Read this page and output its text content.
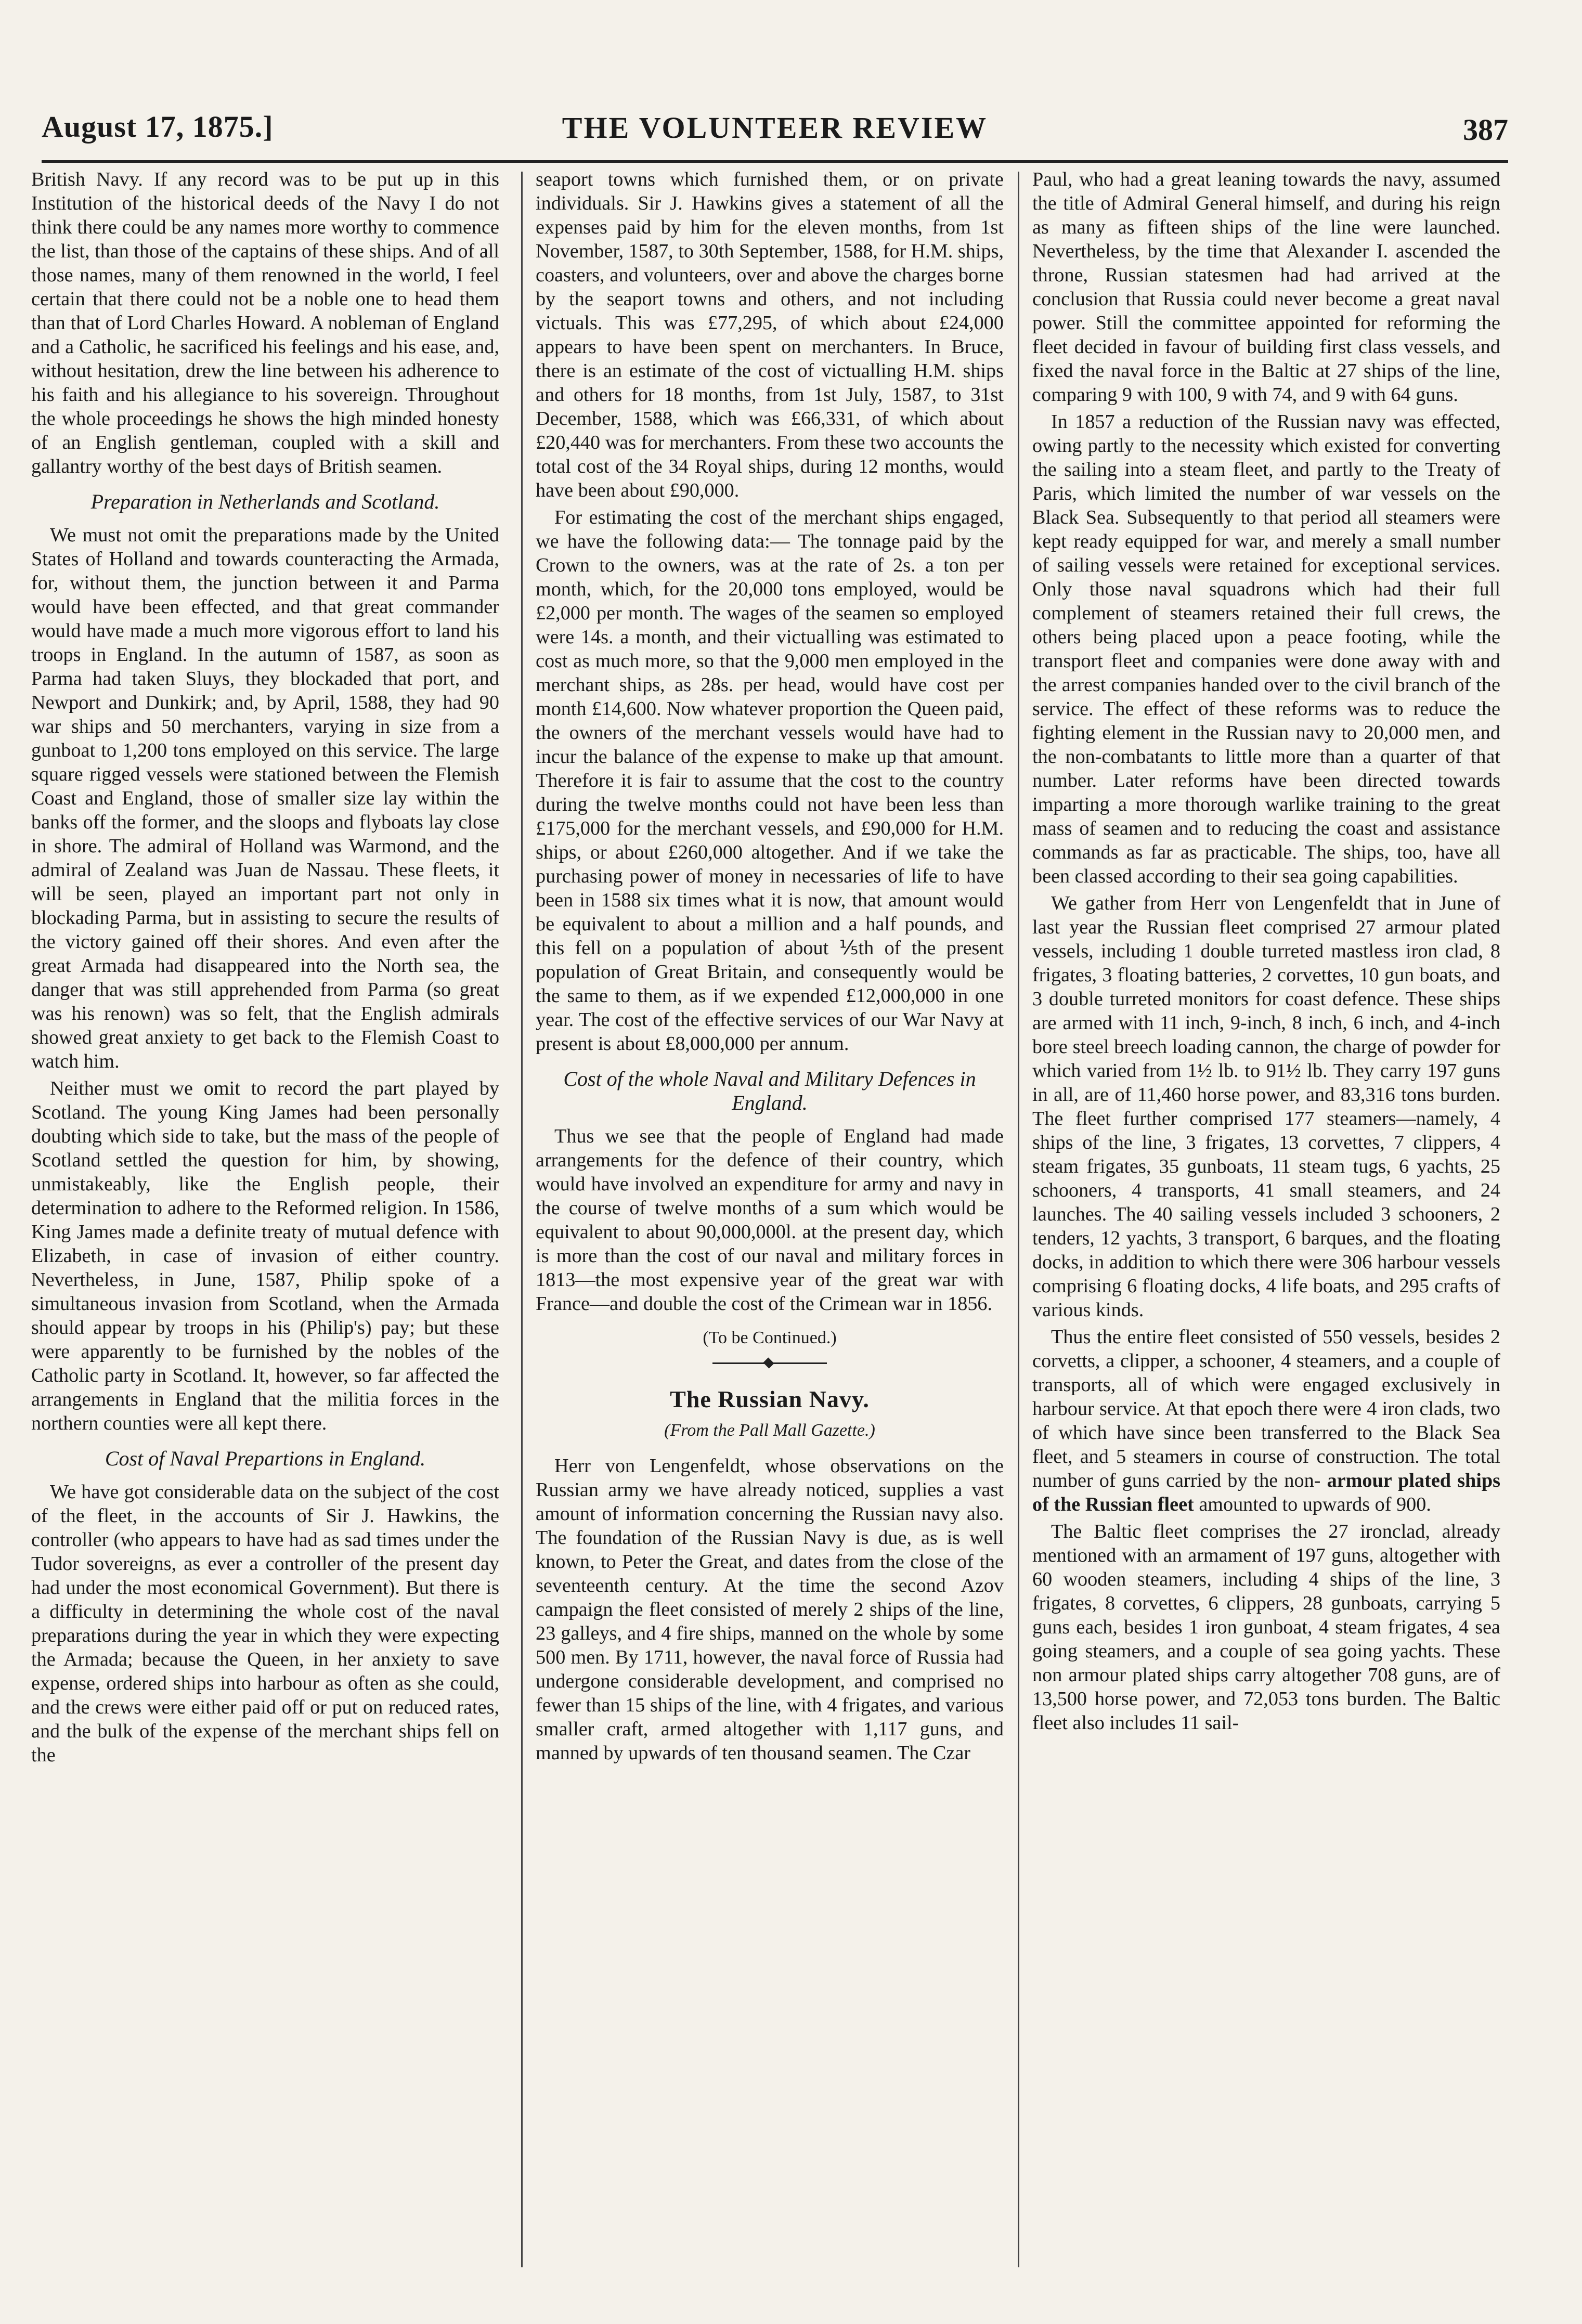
August 17, 1875.]	THE VOLUNTEER REVIEW	387

British Navy. If any record was to be put up in this Institution of the historical deeds of the Navy I do not think there could be any names more worthy to commence the list, than those of the captains of these ships. And of all those names, many of them renowned in the world, I feel certain that there could not be a noble one to head them than that of Lord Charles Howard. A nobleman of England and a Catholic, he sacrificed his feelings and his ease, and, without hesitation, drew the line between his adherence to his faith and his allegiance to his sovereign. Throughout the whole proceedings he shows the high minded honesty of an English gentleman, coupled with a skill and gallantry worthy of the best days of British seamen.

Preparation in Netherlands and Scotland.

We must not omit the preparations made by the United States of Holland and towards counteracting the Armada, for, without them, the junction between it and Parma would have been effected, and that great commander would have made a much more vigorous effort to land his troops in England. In the autumn of 1587, as soon as Parma had taken Sluys, they blockaded that port, and Newport and Dunkirk; and, by April, 1588, they had 90 war ships and 50 merchanters, varying in size from a gunboat to 1,200 tons employed on this service. The large square rigged vessels were stationed between the Flemish Coast and England, those of smaller size lay within the banks off the former, and the sloops and flyboats lay close in shore. The admiral of Holland was Warmond, and the admiral of Zealand was Juan de Nassau. These fleets, it will be seen, played an important part not only in blockading Parma, but in assisting to secure the results of the victory gained off their shores. And even after the great Armada had disappeared into the North sea, the danger that was still apprehended from Parma (so great was his renown) was so felt, that the English admirals showed great anxiety to get back to the Flemish Coast to watch him.

Neither must we omit to record the part played by Scotland. The young King James had been personally doubting which side to take, but the mass of the people of Scotland settled the question for him, by showing, unmistakeably, like the English people, their determination to adhere to the Reformed religion. In 1586, King James made a definite treaty of mutual defence with Elizabeth, in case of invasion of either country. Nevertheless, in June, 1587, Philip spoke of a simultaneous invasion from Scotland, when the Armada should appear by troops in his (Philip's) pay; but these were apparently to be furnished by the nobles of the Catholic party in Scotland. It, however, so far affected the arrangements in England that the militia forces in the northern counties were all kept there.

Cost of Naval Prepartions in England.

We have got considerable data on the subject of the cost of the fleet, in the accounts of Sir J. Hawkins, the controller (who appears to have had as sad times under the Tudor sovereigns, as ever a controller of the present day had under the most economical Government). But there is a difficulty in determining the whole cost of the naval preparations during the year in which they were expecting the Armada; because the Queen, in her anxiety to save expense, ordered ships into harbour as often as she could, and the crews were either paid off or put on reduced rates, and the bulk of the expense of the merchant ships fell on the

seaport towns which furnished them, or on private individuals. Sir J. Hawkins gives a statement of all the expenses paid by him for the eleven months, from 1st November, 1587, to 30th September, 1588, for H.M. ships, coasters, and volunteers, over and above the charges borne by the seaport towns and others, and not including victuals. This was £77,295, of which about £24,000 appears to have been spent on merchanters. In Bruce, there is an estimate of the cost of victualling H.M. ships and others for 18 months, from 1st July, 1587, to 31st December, 1588, which was £66,331, of which about £20,440 was for merchanters. From these two accounts the total cost of the 34 Royal ships, during 12 months, would have been about £90,000.

For estimating the cost of the merchant ships engaged, we have the following data:— The tonnage paid by the Crown to the owners, was at the rate of 2s. a ton per month, which, for the 20,000 tons employed, would be £2,000 per month. The wages of the seamen so employed were 14s. a month, and their victualling was estimated to cost as much more, so that the 9,000 men employed in the merchant ships, as 28s. per head, would have cost per month £14,600. Now whatever proportion the Queen paid, the owners of the merchant vessels would have had to incur the balance of the expense to make up that amount. Therefore it is fair to assume that the cost to the country during the twelve months could not have been less than £175,000 for the merchant vessels, and £90,000 for H.M. ships, or about £260,000 altogether. And if we take the purchasing power of money in necessaries of life to have been in 1588 six times what it is now, that amount would be equivalent to about a million and a half pounds, and this fell on a population of about ⅕th of the present population of Great Britain, and consequently would be the same to them, as if we expended £12,000,000 in one year. The cost of the effective services of our War Navy at present is about £8,000,000 per annum.

Cost of the whole Naval and Military Defences in England.

Thus we see that the people of England had made arrangements for the defence of their country, which would have involved an expenditure for army and navy in the course of twelve months of a sum which would be equivalent to about 90,000,000l. at the present day, which is more than the cost of our naval and military forces in 1813—the most expensive year of the great war with France—and double the cost of the Crimean war in 1856.

(To be Continued.)
The Russian Navy.
(From the Pall Mall Gazette.)

Herr von Lengenfeldt, whose observations on the Russian army we have already noticed, supplies a vast amount of information concerning the Russian navy also. The foundation of the Russian Navy is due, as is well known, to Peter the Great, and dates from the close of the seventeenth century. At the time the second Azov campaign the fleet consisted of merely 2 ships of the line, 23 galleys, and 4 fire ships, manned on the whole by some 500 men. By 1711, however, the naval force of Russia had undergone considerable development, and comprised no fewer than 15 ships of the line, with 4 frigates, and various smaller craft, armed altogether with 1,117 guns, and manned by upwards of ten thousand seamen. The Czar

Paul, who had a great leaning towards the navy, assumed the title of Admiral General himself, and during his reign as many as fifteen ships of the line were launched. Nevertheless, by the time that Alexander I. ascended the throne, Russian statesmen had had arrived at the conclusion that Russia could never become a great naval power. Still the committee appointed for reforming the fleet decided in favour of building first class vessels, and fixed the naval force in the Baltic at 27 ships of the line, comparing 9 with 100, 9 with 74, and 9 with 64 guns.

In 1857 a reduction of the Russian navy was effected, owing partly to the necessity which existed for converting the sailing into a steam fleet, and partly to the Treaty of Paris, which limited the number of war vessels on the Black Sea. Subsequently to that period all steamers were kept ready equipped for war, and merely a small number of sailing vessels were retained for exceptional services. Only those naval squadrons which had their full complement of steamers retained their full crews, the others being placed upon a peace footing, while the transport fleet and companies were done away with and the arrest companies handed over to the civil branch of the service. The effect of these reforms was to reduce the fighting element in the Russian navy to 20,000 men, and the non-combatants to little more than a quarter of that number. Later reforms have been directed towards imparting a more thorough warlike training to the great mass of seamen and to reducing the coast and assistance commands as far as practicable. The ships, too, have all been classed according to their sea going capabilities.

We gather from Herr von Lengenfeldt that in June of last year the Russian fleet comprised 27 armour plated vessels, including 1 double turreted mastless iron clad, 8 frigates, 3 floating batteries, 2 corvettes, 10 gun boats, and 3 double turreted monitors for coast defence. These ships are armed with 11 inch, 9-inch, 8 inch, 6 inch, and 4-inch bore steel breech loading cannon, the charge of powder for which varied from 1½ lb. to 91½ lb. They carry 197 guns in all, are of 11,460 horse power, and 83,316 tons burden. The fleet further comprised 177 steamers—namely, 4 ships of the line, 3 frigates, 13 corvettes, 7 clippers, 4 steam frigates, 35 gunboats, 11 steam tugs, 6 yachts, 25 schooners, 4 transports, 41 small steamers, and 24 launches. The 40 sailing vessels included 3 schooners, 2 tenders, 12 yachts, 3 transport, 6 barques, and the floating docks, in addition to which there were 306 harbour vessels comprising 6 floating docks, 4 life boats, and 295 crafts of various kinds.

Thus the entire fleet consisted of 550 vessels, besides 2 corvetts, a clipper, a schooner, 4 steamers, and a couple of transports, all of which were engaged exclusively in harbour service. At that epoch there were 4 iron clads, two of which have since been transferred to the Black Sea fleet, and 5 steamers in course of construction. The total number of guns carried by the non- armour plated ships of the Russian fleet amounted to upwards of 900.

The Baltic fleet comprises the 27 ironclad, already mentioned with an armament of 197 guns, altogether with 60 wooden steamers, including 4 ships of the line, 3 frigates, 8 corvettes, 6 clippers, 28 gunboats, carrying 5 guns each, besides 1 iron gunboat, 4 steam frigates, 4 sea going steamers, and a couple of sea going yachts. These non armour plated ships carry altogether 708 guns, are of 13,500 horse power, and 72,053 tons burden. The Baltic fleet also includes 11 sail-
